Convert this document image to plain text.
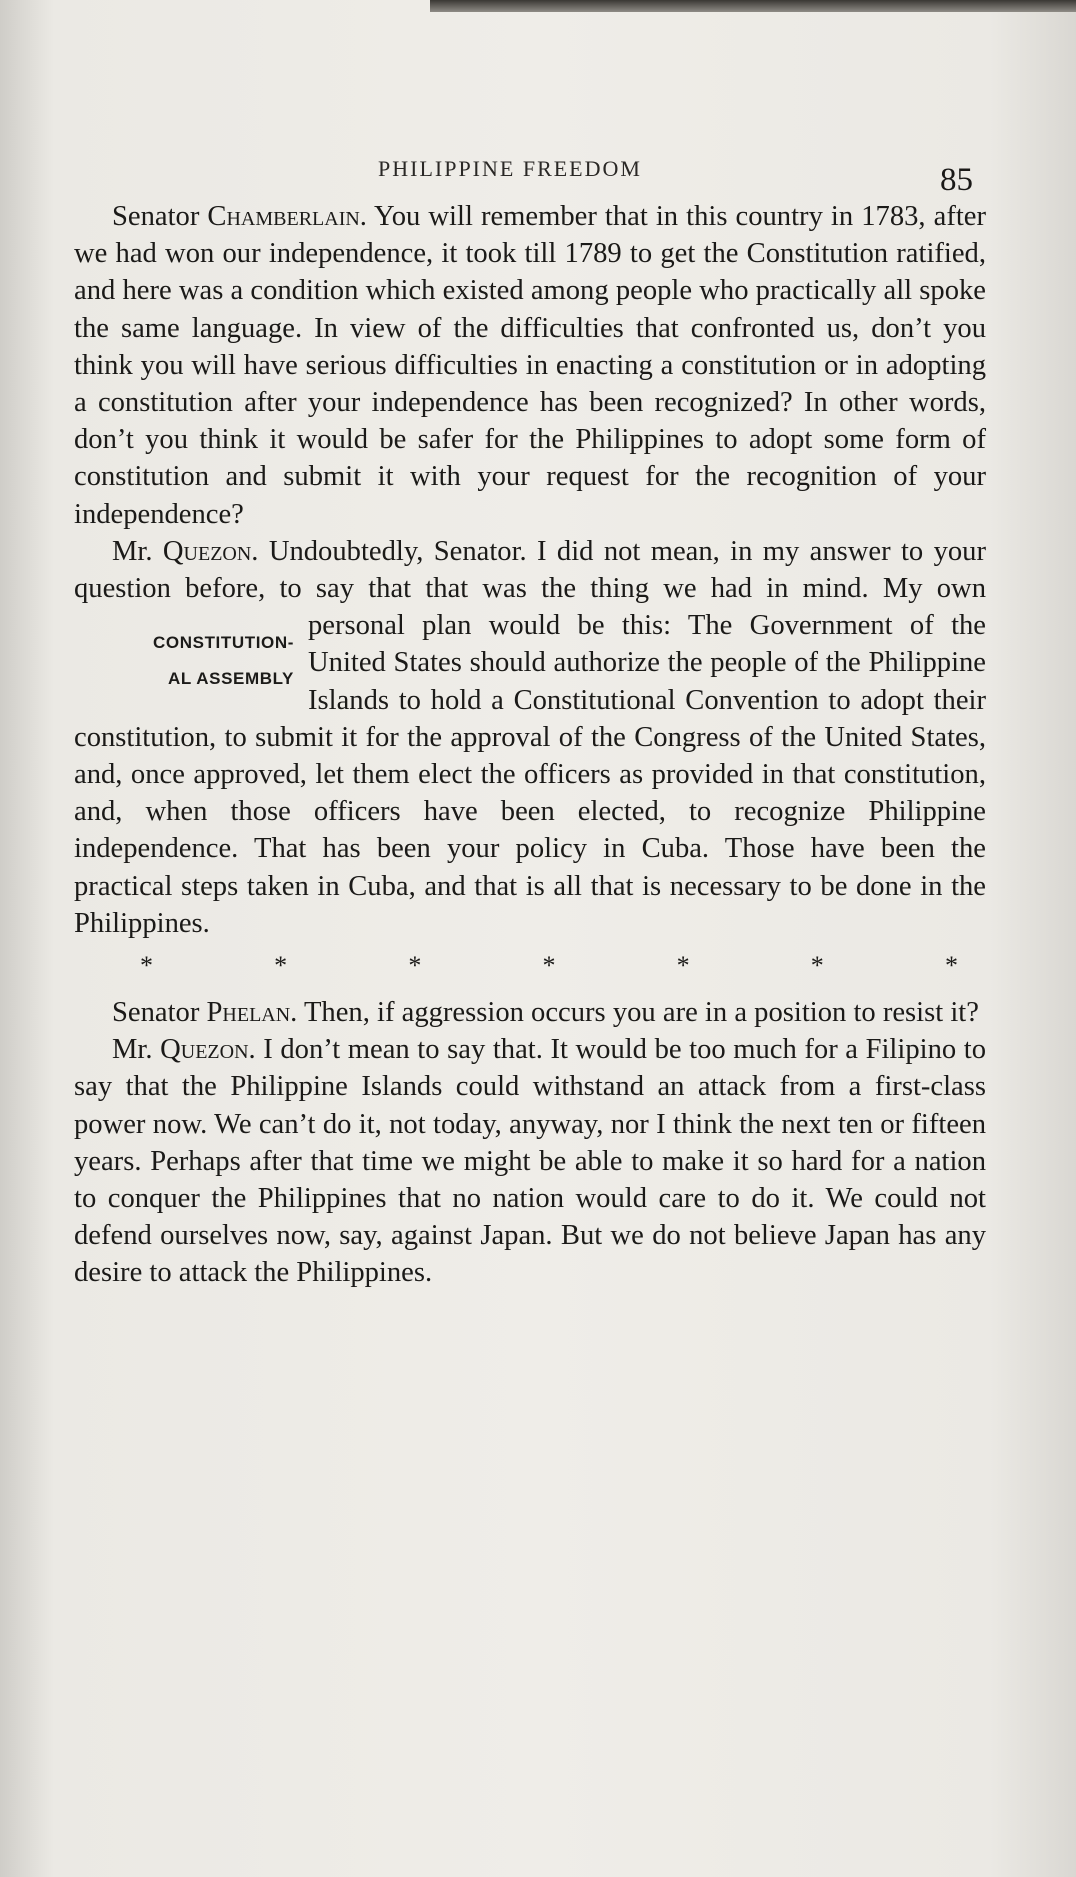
PHILIPPINE FREEDOM	85

Senator Chamberlain. You will remember that in this country in 1783, after we had won our independence, it took till 1789 to get the Constitution ratified, and here was a condition which existed among people who practically all spoke the same language. In view of the difficulties that confronted us, don’t you think you will have serious difficulties in enacting a constitution or in adopting a constitution after your independence has been recognized? In other words, don’t you think it would be safer for the Philippines to adopt some form of constitution and submit it with your request for the recognition of your independence?

Mr. Quezon. Undoubtedly, Senator. I did not mean, in my answer to your question before, to say that that was the thing we had in mind. My own personal plan would
CONSTITUTION-
AL ASSEMBLY
be this: The Government of the United States should authorize the people of the Philippine Islands to hold a Constitutional Convention to adopt their constitution, to submit it for the approval of the Congress of the United States, and, once approved, let them elect the officers as provided in that constitution, and, when those officers have been elected, to recognize Philippine independence. That has been your policy in Cuba. Those have been the practical steps taken in Cuba, and that is all that is necessary to be done in the Philippines.

*	*	*	*	*	*	*

Senator Phelan. Then, if aggression occurs you are in a position to resist it?

Mr. Quezon. I don’t mean to say that. It would be too much for a Filipino to say that the Philippine Islands could withstand an attack from a first-class power now. We can’t do it, not today, anyway, nor I think the next ten or fifteen years. Perhaps after that time we might be able to make it so hard for a nation to conquer the Philippines that no nation would care to do it. We could not defend ourselves now, say, against Japan. But we do not believe Japan has any desire to attack the Philippines.
